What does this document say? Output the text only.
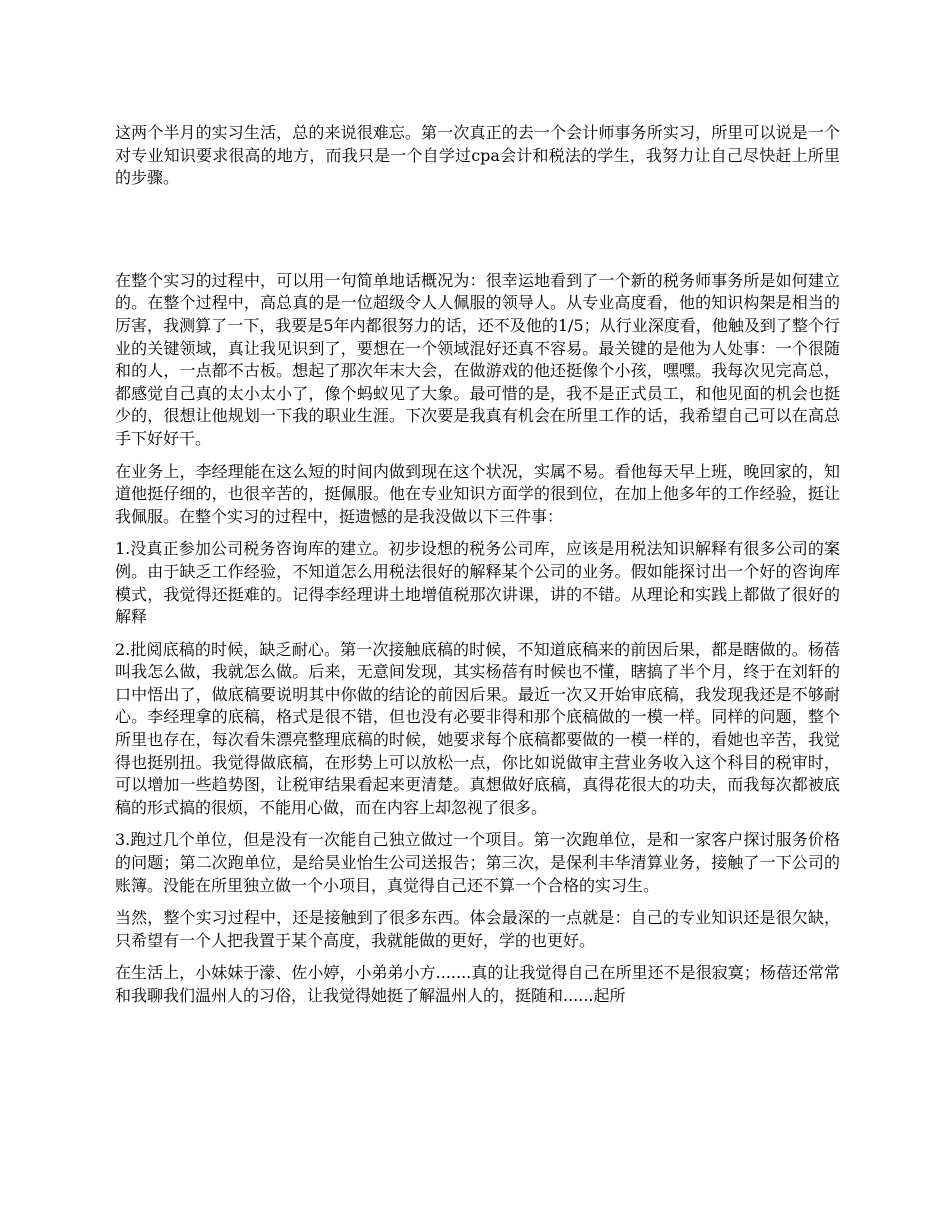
这两个半月的实习生活，总的来说很难忘。第一次真正的去一个会计师事务所实习，所里可以说是一个对专业知识要求很高的地方，而我只是一个自学过cpa会计和税法的学生，我努力让自己尽快赶上所里的步骤。

在整个实习的过程中，可以用一句简单地话概况为：很幸运地看到了一个新的税务师事务所是如何建立的。在整个过程中，高总真的是一位超级令人人佩服的领导人。从专业高度看，他的知识构架是相当的厉害，我测算了一下，我要是5年内都很努力的话，还不及他的1/5；从行业深度看，他触及到了整个行业的关键领域，真让我见识到了，要想在一个领域混好还真不容易。最关键的是他为人处事：一个很随和的人，一点都不古板。想起了那次年末大会，在做游戏的他还挺像个小孩，嘿嘿。我每次见完高总，都感觉自己真的太小太小了，像个蚂蚁见了大象。最可惜的是，我不是正式员工，和他见面的机会也挺少的，很想让他规划一下我的职业生涯。下次要是我真有机会在所里工作的话，我希望自己可以在高总手下好好干。

在业务上，李经理能在这么短的时间内做到现在这个状况，实属不易。看他每天早上班，晚回家的，知道他挺仔细的，也很辛苦的，挺佩服。他在专业知识方面学的很到位，在加上他多年的工作经验，挺让我佩服。在整个实习的过程中，挺遗憾的是我没做以下三件事：

1.没真正参加公司税务咨询库的建立。初步设想的税务公司库，应该是用税法知识解释有很多公司的案例。由于缺乏工作经验，不知道怎么用税法很好的解释某个公司的业务。假如能探讨出一个好的咨询库模式，我觉得还挺难的。记得李经理讲土地增值税那次讲课，讲的不错。从理论和实践上都做了很好的解释

2.批阅底稿的时候，缺乏耐心。第一次接触底稿的时候，不知道底稿来的前因后果，都是瞎做的。杨蓓叫我怎么做，我就怎么做。后来，无意间发现，其实杨蓓有时候也不懂，瞎搞了半个月，终于在刘轩的口中悟出了，做底稿要说明其中你做的结论的前因后果。最近一次又开始审底稿，我发现我还是不够耐心。李经理拿的底稿，格式是很不错，但也没有必要非得和那个底稿做的一模一样。同样的问题，整个所里也存在，每次看朱漂亮整理底稿的时候，她要求每个底稿都要做的一模一样的，看她也辛苦，我觉得也挺别扭。我觉得做底稿，在形势上可以放松一点，你比如说做审主营业务收入这个科目的税审时，可以增加一些趋势图，让税审结果看起来更清楚。真想做好底稿，真得花很大的功夫，而我每次都被底稿的形式搞的很烦，不能用心做，而在内容上却忽视了很多。

3.跑过几个单位，但是没有一次能自己独立做过一个项目。第一次跑单位，是和一家客户探讨服务价格的问题；第二次跑单位，是给昊业怡生公司送报告；第三次，是保利丰华清算业务，接触了一下公司的账簿。没能在所里独立做一个小项目，真觉得自己还不算一个合格的实习生。

当然，整个实习过程中，还是接触到了很多东西。体会最深的一点就是：自己的专业知识还是很欠缺，只希望有一个人把我置于某个高度，我就能做的更好，学的也更好。

在生活上，小妹妹于濛、佐小婷，小弟弟小方.......真的让我觉得自己在所里还不是很寂寞；杨蓓还常常和我聊我们温州人的习俗，让我觉得她挺了解温州人的，挺随和......起所
